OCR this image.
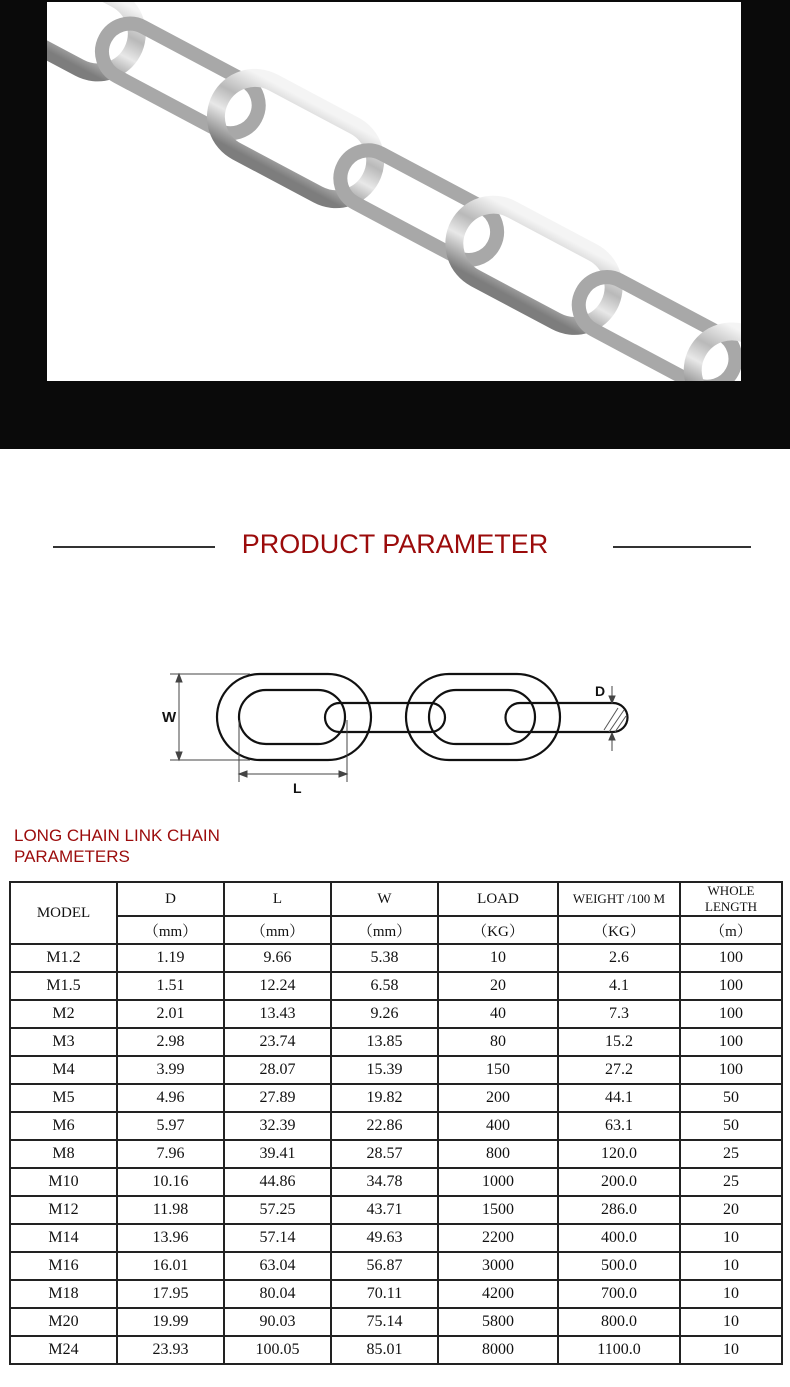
PRODUCT PARAMETER
W
L
D
LONG CHAIN LINK CHAIN
PARAMETERS
MODEL	D	L	W	LOAD	WEIGHT /100 M	WHOLE LENGTH
	（mm）	（mm）	（mm）	（KG）	（KG）	（m）
M1.2	1.19	9.66	5.38	10	2.6	100
M1.5	1.51	12.24	6.58	20	4.1	100
M2	2.01	13.43	9.26	40	7.3	100
M3	2.98	23.74	13.85	80	15.2	100
M4	3.99	28.07	15.39	150	27.2	100
M5	4.96	27.89	19.82	200	44.1	50
M6	5.97	32.39	22.86	400	63.1	50
M8	7.96	39.41	28.57	800	120.0	25
M10	10.16	44.86	34.78	1000	200.0	25
M12	11.98	57.25	43.71	1500	286.0	20
M14	13.96	57.14	49.63	2200	400.0	10
M16	16.01	63.04	56.87	3000	500.0	10
M18	17.95	80.04	70.11	4200	700.0	10
M20	19.99	90.03	75.14	5800	800.0	10
M24	23.93	100.05	85.01	8000	1100.0	10
